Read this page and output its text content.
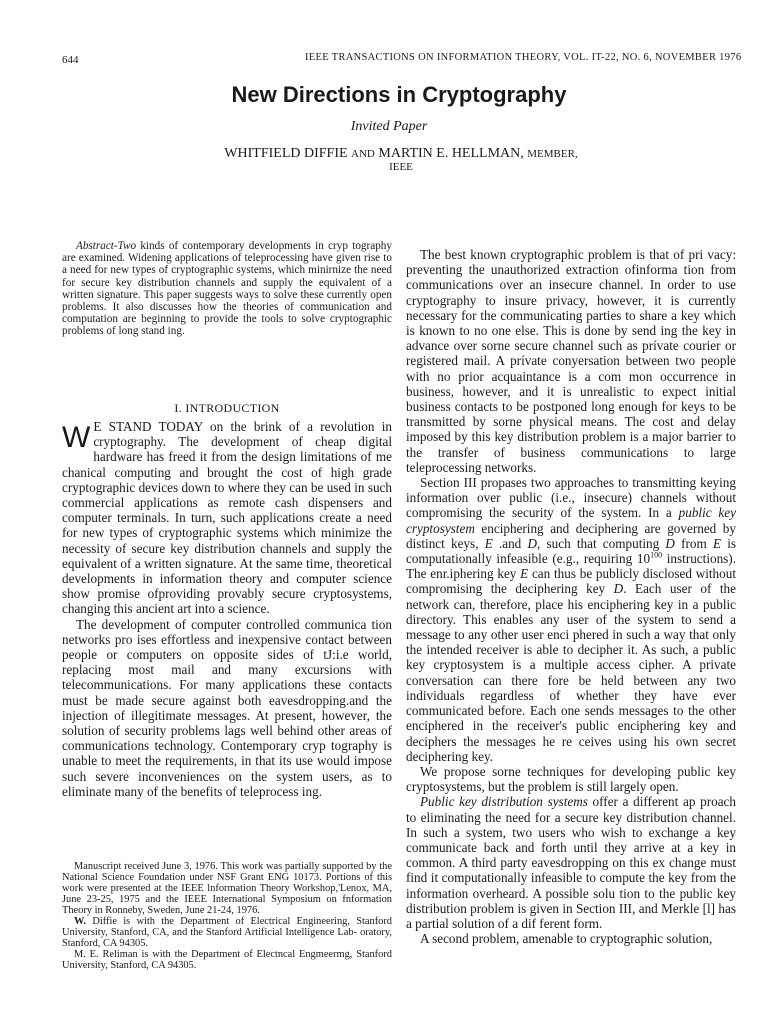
644	IEEE TRANSACTIONS ON INFORMATION THEORY, VOL. IT-22, NO. 6, NOVEMBER 1976
New Directions in Cryptography
Invited Paper
WHITFIELD DIFFIE AND MARTIN E. HELLMAN, MEMBER,
IEEE
Abstract-Two kinds of contemporary developments in cryp tography are examined. Widening applications of teleprocessing have given rise to a need for new types of cryptographic systems, which minirnize the need for secure key distribution channels and supply the equivalent of a written signature. This paper suggests ways to solve these currently open problems. It also discusses how the theories of communication and computation are beginning to provide the tools to solve cryptographic problems of long stand ing.
I. INTRODUCTION

W E STAND TODAY on the brink of a revolution in cryptography. The development of cheap digital hardware has freed it from the design limitations of me chanical computing and brought the cost of high grade cryptographic devices down to where they can be used in such commercial applications as remote cash dispensers and computer terminals. In turn, such applications create a need for new types of cryptographic systems which minimize the necessity of secure key distribution channels and supply the equivalent of a written signature. At the same time, theoretical developments in information theory and computer science show promise ofproviding provably secure cryptosystems, changing this ancient art into a science.

The development of computer controlled communica tion networks pro ises effortless and inexpensive contact between people or computers on opposite sides of tJ:i.e world, replacing most mail and many excursions with telecommunications. For many applications these contacts must be made secure against both eavesdropping.and the injection of illegitimate messages. At present, however, the solution of security problems lags well behind other areas of communications technology. Contemporary cryp tography is unable to meet the requirements, in that its use would impose such severe inconveniences on the system users, as to eliminate many of the benefits of teleprocess ing.

Manuscript received June 3, 1976. This work was partially supported by the National Science Foundation under NSF Grant ENG 10173. Portions of this work were presented at the IEEE lnformation Theory Workshop,'Lenox, MA, June 23-25, 1975 and the IEEE International Symposium on fnformation Theory in Ronneby, Sweden, June 21-24, 1976.

W. Diffie is with the Department of Electrical Engineering, Stanford University, Stanford, CA, and the Stanford Artificial Intelligence Lab- oratory, Stanford, CA 94305.

M. E. Reliman is with the Department of Electncal Engmeermg, Stanford University, Stanford, CA 94305.

The best known cryptographic problem is that of pri vacy: preventing the unauthorized extraction ofinforma tion from communications over an insecure channel. In order to use cryptography to insure privacy, however, it is currently necessary for the communicating parties to share a key which is known to no one else. This is done by send ing the key in advance over sorne secure channel such as prívate courier or registered mail. A prívate conyersation between two people with no prior acquaintance is a com mon occurrence in business, however, and it is unrealistic to expect initial business contacts to be postponed long enough for keys to be transmitted by sorne physical means. The cost and delay imposed by this key distribution problem is a major barrier to the transfer of business communications to large teleprocessing networks.

Section III propases two approaches to transmitting keying information over public (i.e., insecure) channels without compromising the security of the system. In a public key cryptosystem enciphering and deciphering are governed by distinct keys, E .and D, such that computing D from E is computationally infeasible (e.g., requiring $10^{100}$ instructions). The enr.iphering key E can thus be publicly disclosed without compromising the deciphering key D. Each user of the network can, therefore, place his enciphering key in a public directory. This enables any user of the system to send a message to any other user enci phered in such a way that only the intended receiver is able to decipher it. As such, a public key cryptosystem is a multiple access cipher. A private conversation can there fore be held between any two individuals regardless of whether they have ever communicated before. Each one sends messages to the other enciphered in the receiver's public enciphering key and deciphers the messages he re ceives using his own secret deciphering key.

We propose sorne techniques for developing public key cryptosystems, but the problem is still largely open.

Public key distribution systems offer a different ap proach to eliminating the need for a secure key distribution channel. In such a system, two users who wish to exchange a key communicate back and forth until they arrive at a key in common. A third party eavesdropping on this ex change must find it computationally infeasible to compute the key from the information overheard. A possible solu tion to the public key distribution problem is given in Section III, and Merkle [l] has a partial solution of a dif ferent form.

A second problem, amenable to cryptographic solution,
